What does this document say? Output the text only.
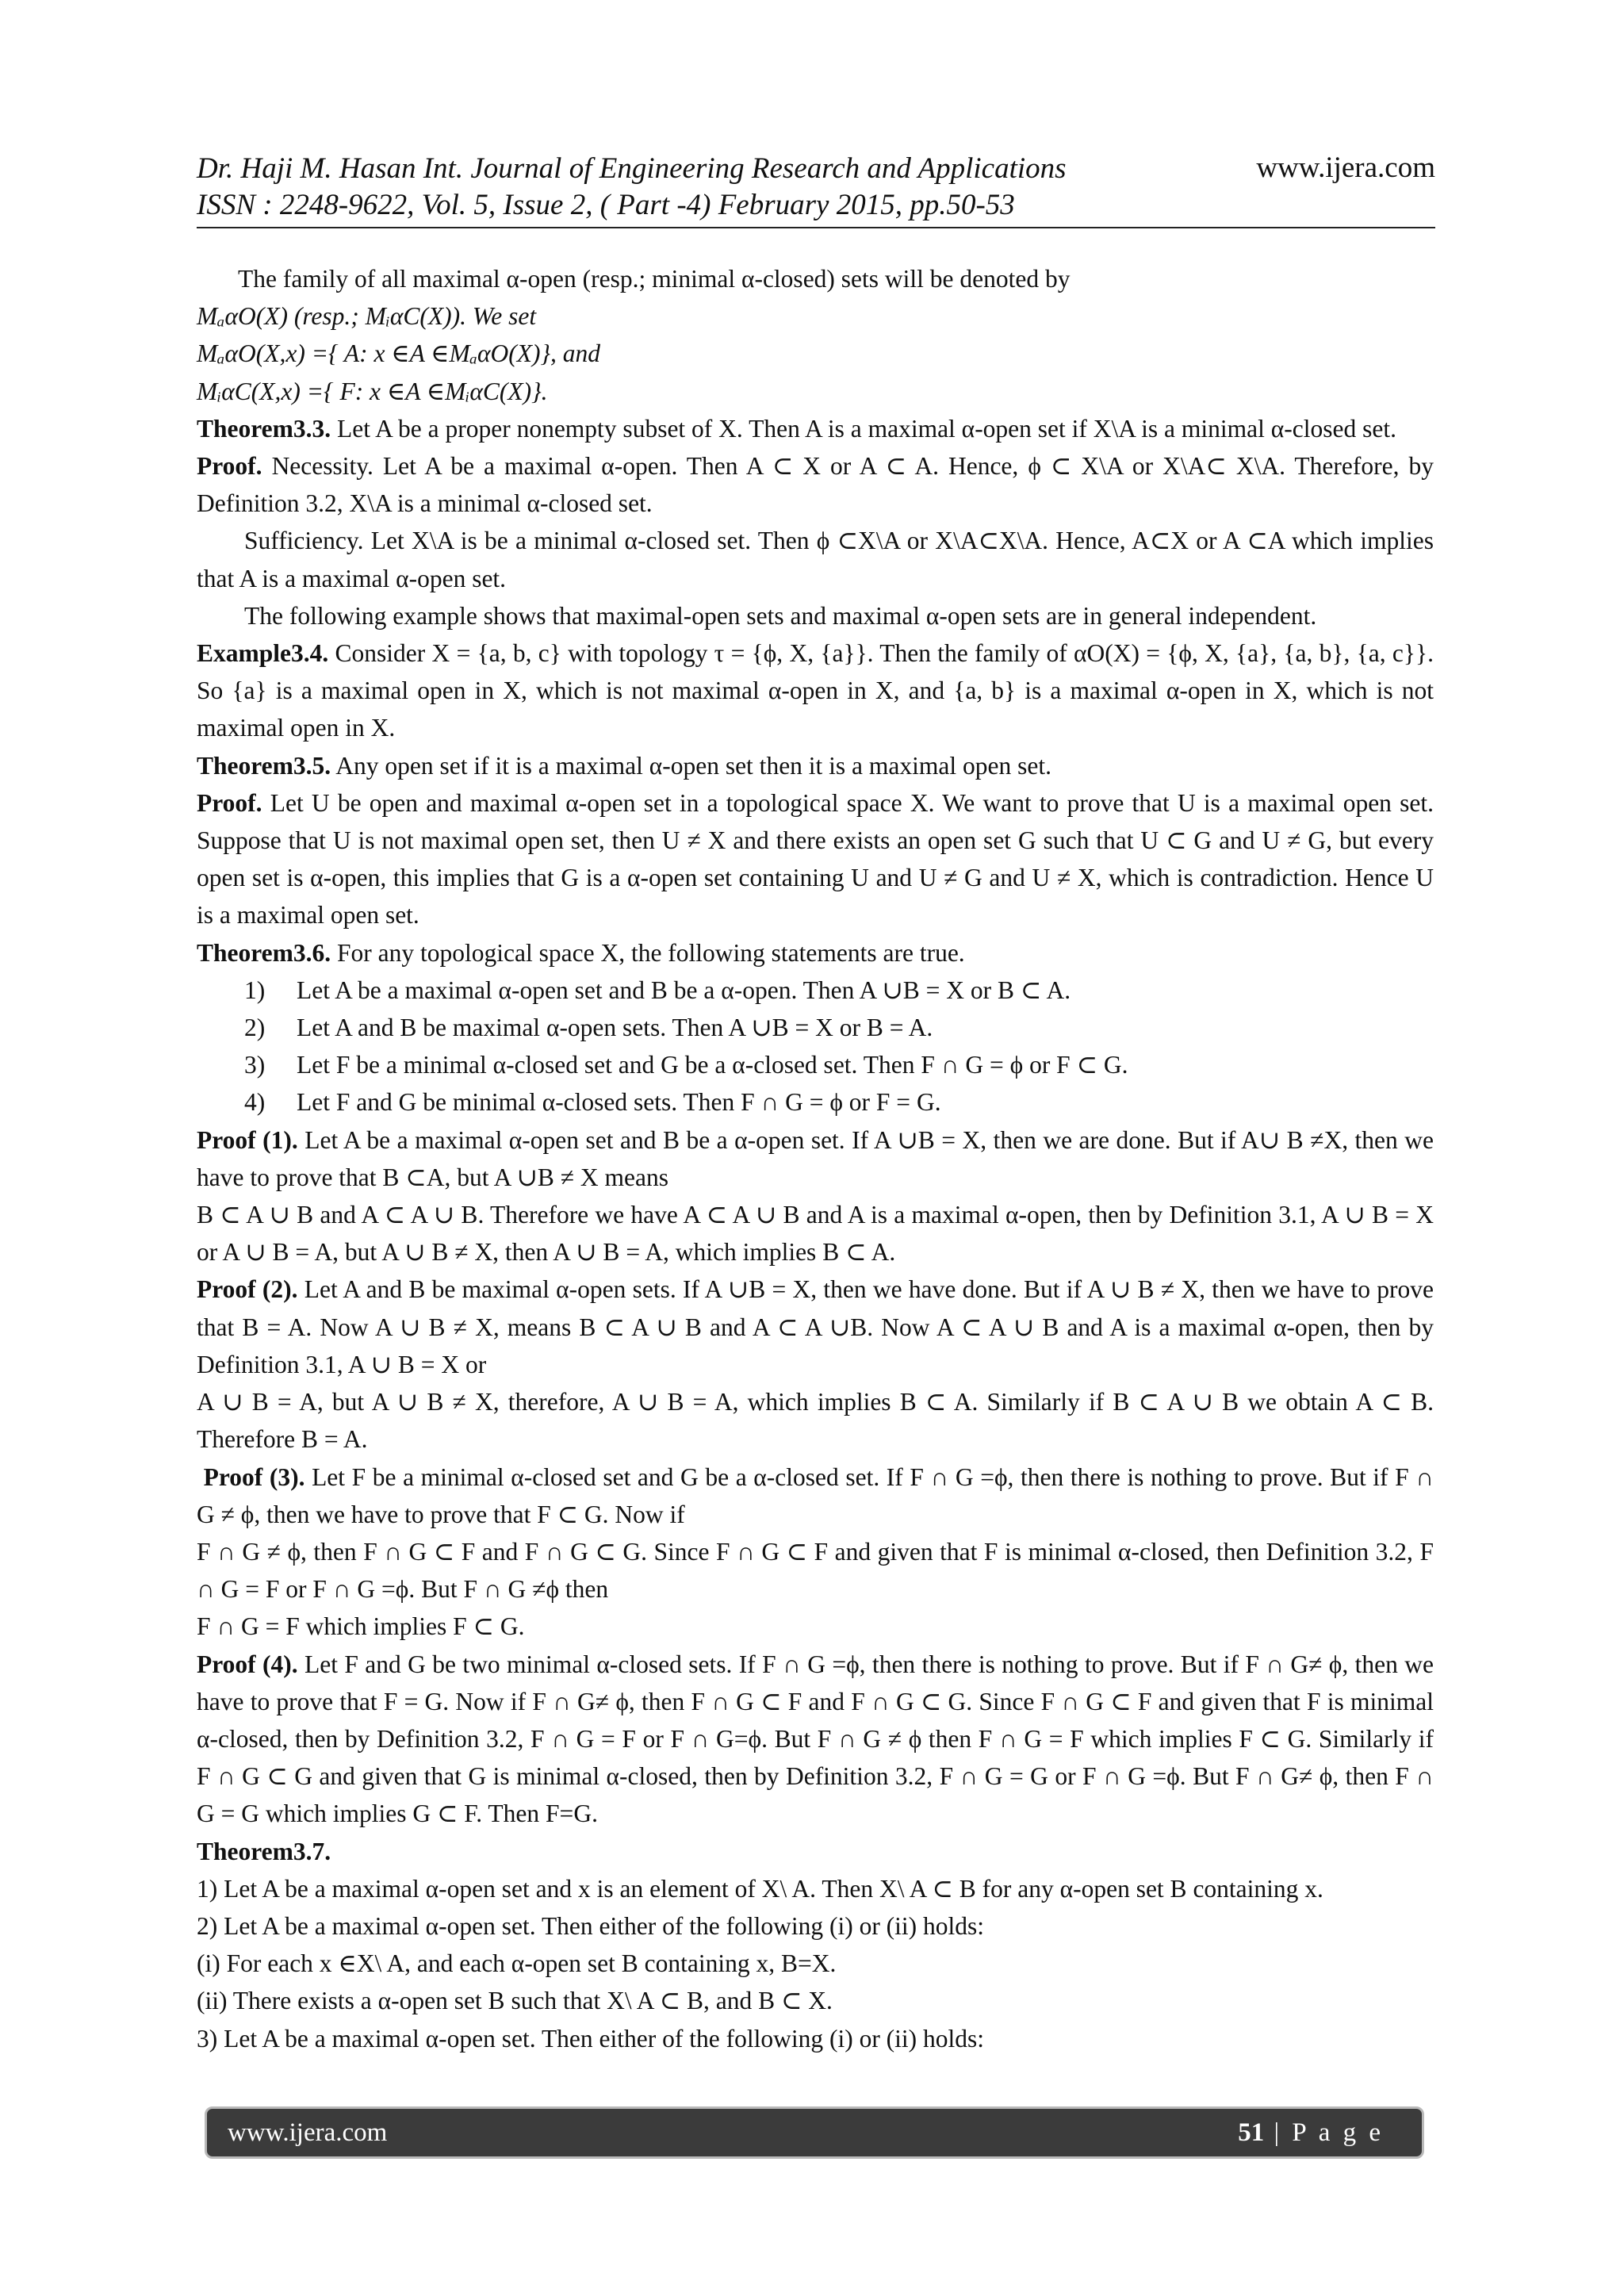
Dr. Haji M. Hasan Int. Journal of Engineering Research and Applications
ISSN : 2248-9622, Vol. 5, Issue 2, ( Part -4) February 2015, pp.50-53
www.ijera.com

The family of all maximal α-open (resp.; minimal α-closed) sets will be denoted by

MₐαO(X) (resp.; MᵢαC(X)). We set

MₐαO(X,x) ={ A: x ∈A ∈MₐαO(X)}, and

MᵢαC(X,x) ={ F: x ∈A ∈MᵢαC(X)}.

Theorem3.3. Let A be a proper nonempty subset of X. Then A is a maximal α-open set if X\A is a minimal α-closed set.

Proof. Necessity. Let A be a maximal α-open. Then A ⊂ X or A ⊂ A. Hence, ϕ ⊂ X\A or X\A⊂ X\A. Therefore, by Definition 3.2, X\A is a minimal α-closed set.

Sufficiency. Let X\A is be a minimal α-closed set. Then ϕ ⊂X\A or X\A⊂X\A. Hence, A⊂X or A ⊂A which implies that A is a maximal α-open set.

The following example shows that maximal-open sets and maximal α-open sets are in general independent.

Example3.4. Consider X = {a, b, c} with topology τ = {ϕ, X, {a}}. Then the family of αO(X) = {ϕ, X, {a}, {a, b}, {a, c}}. So {a} is a maximal open in X, which is not maximal α-open in X, and {a, b} is a maximal α-open in X, which is not maximal open in X.

Theorem3.5. Any open set if it is a maximal α-open set then it is a maximal open set.

Proof. Let U be open and maximal α-open set in a topological space X. We want to prove that U is a maximal open set. Suppose that U is not maximal open set, then U ≠ X and there exists an open set G such that U ⊂ G and U ≠ G, but every open set is α-open, this implies that G is a α-open set containing U and U ≠ G and U ≠ X, which is contradiction. Hence U is a maximal open set.

Theorem3.6. For any topological space X, the following statements are true.

1) Let A be a maximal α-open set and B be a α-open. Then A ∪B = X or B ⊂ A.
2) Let A and B be maximal α-open sets. Then A ∪B = X or B = A.
3) Let F be a minimal α-closed set and G be a α-closed set. Then F ∩ G = ϕ or F ⊂ G.
4) Let F and G be minimal α-closed sets. Then F ∩ G = ϕ or F = G.

Proof (1). Let A be a maximal α-open set and B be a α-open set. If A ∪B = X, then we are done. But if A∪ B ≠X, then we have to prove that B ⊂A, but A ∪B ≠ X means

B ⊂ A ∪ B and A ⊂ A ∪ B. Therefore we have A ⊂ A ∪ B and A is a maximal α-open, then by Definition 3.1, A ∪ B = X or A ∪ B = A, but A ∪ B ≠ X, then A ∪ B = A, which implies B ⊂ A.

Proof (2). Let A and B be maximal α-open sets. If A ∪B = X, then we have done. But if A ∪ B ≠ X, then we have to prove that B = A. Now A ∪ B ≠ X, means B ⊂ A ∪ B and A ⊂ A ∪B. Now A ⊂ A ∪ B and A is a maximal α-open, then by Definition 3.1, A ∪ B = X or

A ∪ B = A, but A ∪ B ≠ X, therefore, A ∪ B = A, which implies B ⊂ A. Similarly if B ⊂ A ∪ B we obtain A ⊂ B. Therefore B = A.

Proof (3). Let F be a minimal α-closed set and G be a α-closed set. If F ∩ G =ϕ, then there is nothing to prove. But if F ∩ G ≠ ϕ, then we have to prove that F ⊂ G. Now if

F ∩ G ≠ ϕ, then F ∩ G ⊂ F and F ∩ G ⊂ G. Since F ∩ G ⊂ F and given that F is minimal α-closed, then Definition 3.2, F ∩ G = F or F ∩ G =ϕ. But F ∩ G ≠ϕ then

F ∩ G = F which implies F ⊂ G.

Proof (4). Let F and G be two minimal α-closed sets. If F ∩ G =ϕ, then there is nothing to prove. But if F ∩ G≠ ϕ, then we have to prove that F = G. Now if F ∩ G≠ ϕ, then F ∩ G ⊂ F and F ∩ G ⊂ G. Since F ∩ G ⊂ F and given that F is minimal α-closed, then by Definition 3.2, F ∩ G = F or F ∩ G=ϕ. But F ∩ G ≠ ϕ then F ∩ G = F which implies F ⊂ G. Similarly if F ∩ G ⊂ G and given that G is minimal α-closed, then by Definition 3.2, F ∩ G = G or F ∩ G =ϕ. But F ∩ G≠ ϕ, then F ∩ G = G which implies G ⊂ F. Then F=G.

Theorem3.7.

1) Let A be a maximal α-open set and x is an element of X\ A. Then X\ A ⊂ B for any α-open set B containing x.

2) Let A be a maximal α-open set. Then either of the following (i) or (ii) holds:

(i) For each x ∈X\ A, and each α-open set B containing x, B=X.

(ii) There exists a α-open set B such that X\ A ⊂ B, and B ⊂ X.

3) Let A be a maximal α-open set. Then either of the following (i) or (ii) holds:

www.ijera.com	51 | P a g e
